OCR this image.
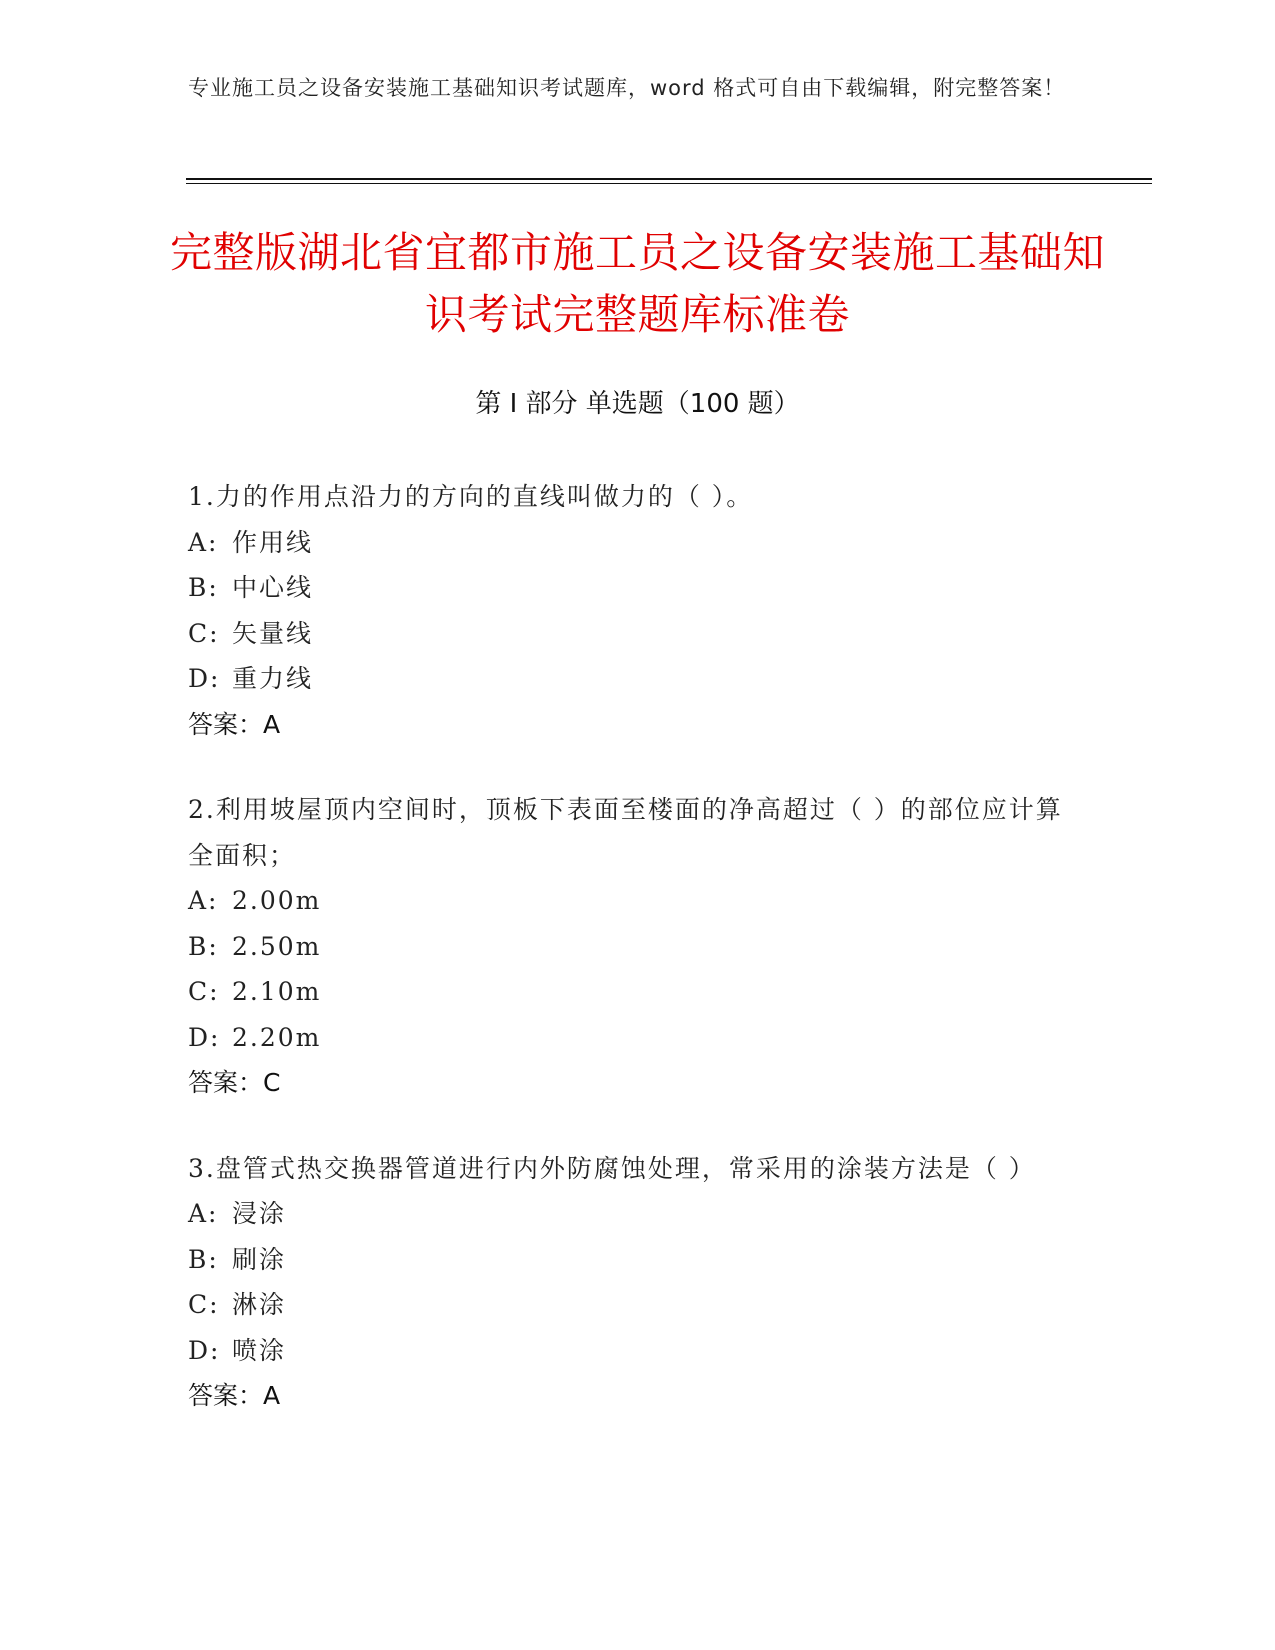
专业施工员之设备安装施工基础知识考试题库，word 格式可自由下载编辑，附完整答案！
完整版湖北省宜都市施工员之设备安装施工基础知识考试完整题库标准卷
第 I 部分 单选题（100 题）

1.力的作用点沿力的方向的直线叫做力的（ ）。

A: 作用线
B: 中心线
C: 矢量线
D: 重力线
答案：A

2.利用坡屋顶内空间时，顶板下表面至楼面的净高超过（ ）的部位应计算全面积；

A: 2.00m
B: 2.50m
C: 2.10m
D: 2.20m
答案：C

3.盘管式热交换器管道进行内外防腐蚀处理，常采用的涂装方法是（ ）

A: 浸涂
B: 刷涂
C: 淋涂
D: 喷涂
答案：A
